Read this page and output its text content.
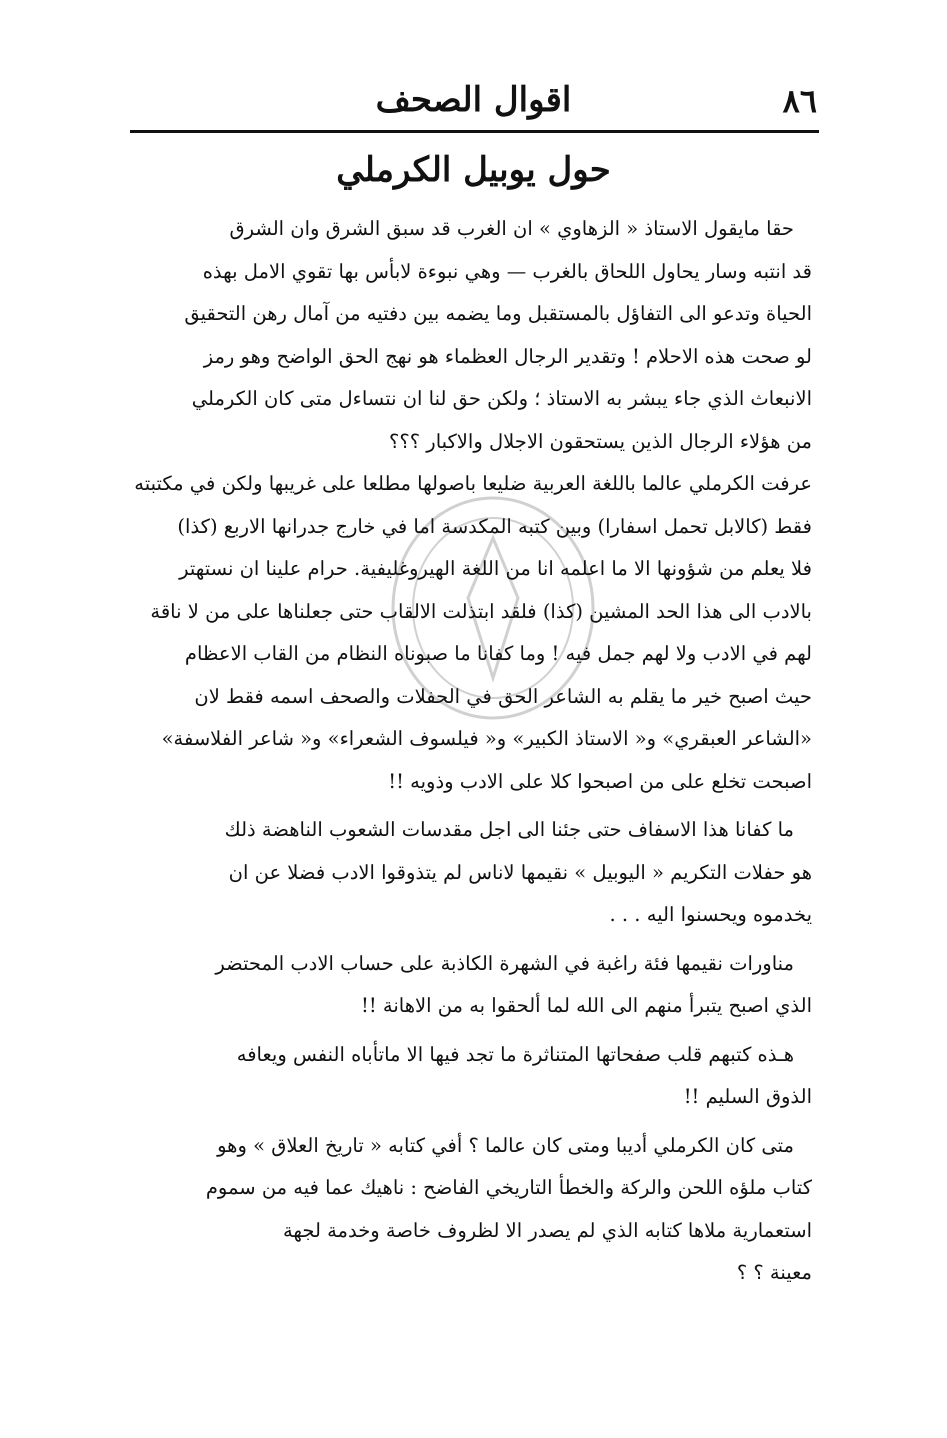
٨٦
اقوال الصحف
حول يوبيل الكرملي
حقا مايقول الاستاذ « الزهاوي » ان الغرب قد سبق الشرق وان الشرق
قد انتبه وسار يحاول اللحاق بالغرب — وهي نبوءة لابأس بها تقوي الامل بهذه
الحياة وتدعو الى التفاؤل بالمستقبل وما يضمه بين دفتيه من آمال رهن التحقيق
لو صحت هذه الاحلام ! وتقدير الرجال العظماء هو نهج الحق الواضح وهو رمز
الانبعاث الذي جاء يبشر به الاستاذ ؛ ولكن حق لنا ان نتساءل متى كان الكرملي
من هؤلاء الرجال الذين يستحقون الاجلال والاكبار ؟؟؟
عرفت الكرملي عالما باللغة العربية ضليعا باصولها مطلعا على غريبها ولكن في مكتبته
فقط (كالابل تحمل اسفارا) وبين كتبه المكدسة اما في خارج جدرانها الاربع (كذا)
فلا يعلم من شؤونها الا ما اعلمه انا من اللغة الهيروغليفية. حرام علينا ان نستهتر
بالادب الى هذا الحد المشين (كذا) فلقد ابتذلت الالقاب حتى جعلناها على من لا ناقة
لهم في الادب ولا لهم جمل فيه ! وما كفانا ما صبوناه النظام من القاب الاعظام
حيث اصبح خير ما يقلم به الشاعر الحق في الحفلات والصحف اسمه فقط لان
«الشاعر العبقري» و« الاستاذ الكبير» و« فيلسوف الشعراء» و« شاعر الفلاسفة»
اصبحت تخلع على من اصبحوا كلا على الادب وذويه !!
ما كفانا هذا الاسفاف حتى جئنا الى اجل مقدسات الشعوب الناهضة ذلك
هو حفلات التكريم « اليوبيل » نقيمها لاناس لم يتذوقوا الادب فضلا عن ان
يخدموه ويحسنوا اليه . . .
مناورات نقيمها فئة راغبة في الشهرة الكاذبة على حساب الادب المحتضر
الذي اصبح يتبرأ منهم الى الله لما ألحقوا به من الاهانة !!
هـذه كتبهم قلب صفحاتها المتناثرة ما تجد فيها الا ماتأباه النفس ويعافه
الذوق السليم !!
متى كان الكرملي أديبا ومتى كان عالما ؟ أفي كتابه « تاريخ العلاق » وهو
كتاب ملؤه اللحن والركة والخطأ التاريخي الفاضح : ناهيك عما فيه من سموم
استعمارية ملاها كتابه الذي لم يصدر الا لظروف خاصة وخدمة لجهة
معينة ؟ ؟
